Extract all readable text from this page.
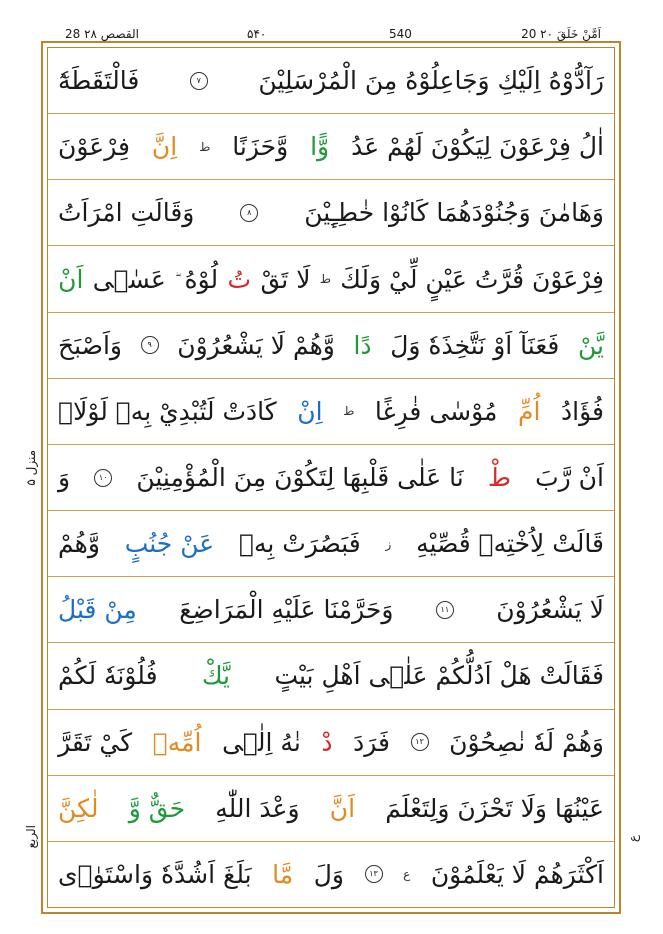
20 اَمَّنْ خَلَقَ ۲۰
540
۵۴۰
28 القصص ۲۸
رَآدُّوْهُ اِلَيْكِ وَجَاعِلُوْهُ مِنَ الْمُرْسَلِيْنَ
۷
فَالْتَقَطَهٗٓ
اٰلُ فِرْعَوْنَ لِيَكُوْنَ لَهُمْ عَدُ
وًّا
وَّحَزَنًا
ط
اِنَّ
فِرْعَوْنَ
وَهَامٰنَ وَجُنُوْدَهُمَا كَانُوْا خٰطِـِٕيْنَ
۸
وَقَالَتِ امْرَاَتُ
فِرْعَوْنَ قُرَّتُ عَيْنٍ لِّيْ وَلَكَ
ط
لَا تَقْ
تُ
لُوْهُ
عَسٰۤى
اَنْ
يَّنْ
فَعَنَآ اَوْ نَتَّخِذَهٗ وَلَ
دًا
وَّهُمْ لَا يَشْعُرُوْنَ
۹
وَاَصْبَحَ
فُؤَادُ
اُمِّ
مُوْسٰى فٰرِغًا
ط
اِنْ
كَادَتْ لَتُبْدِيْ بِهٖ لَوْلَاۤ
اَنْ رَّبَ
طْ
نَا عَلٰى قَلْبِهَا لِتَكُوْنَ مِنَ الْمُؤْمِنِيْنَ
۱۰
وَ
قَالَتْ لِاُخْتِهٖ قُصِّيْهِ
ز
فَبَصُرَتْ بِهٖ
عَنْ جُنُبٍ
وَّهُمْ
لَا يَشْعُرُوْنَ
۱۱
وَحَرَّمْنَا عَلَيْهِ الْمَرَاضِعَ
مِنْ قَبْلُ
فَقَالَتْ هَلْ اَدُلُّكُمْ عَلٰۤى اَهْلِ بَيْتٍ
يَّكْ
فُلُوْنَهٗ لَكُمْ
وَهُمْ لَهٗ نٰصِحُوْنَ
۱۲
فَرَدَ
دْ
نٰهُ اِلٰۤى
اُمِّهٖ
كَيْ تَقَرَّ
عَيْنُهَا وَلَا تَحْزَنَ وَلِتَعْلَمَ
اَنَّ
وَعْدَ اللّٰهِ
حَقٌّ وَّ
لٰكِنَّ
اَكْثَرَهُمْ لَا يَعْلَمُوْنَ
ع
۱۳
وَلَ
مَّا
بَلَغَ اَشُدَّهٗ وَاسْتَوٰۤى
منزل ۵
الربع	ع
